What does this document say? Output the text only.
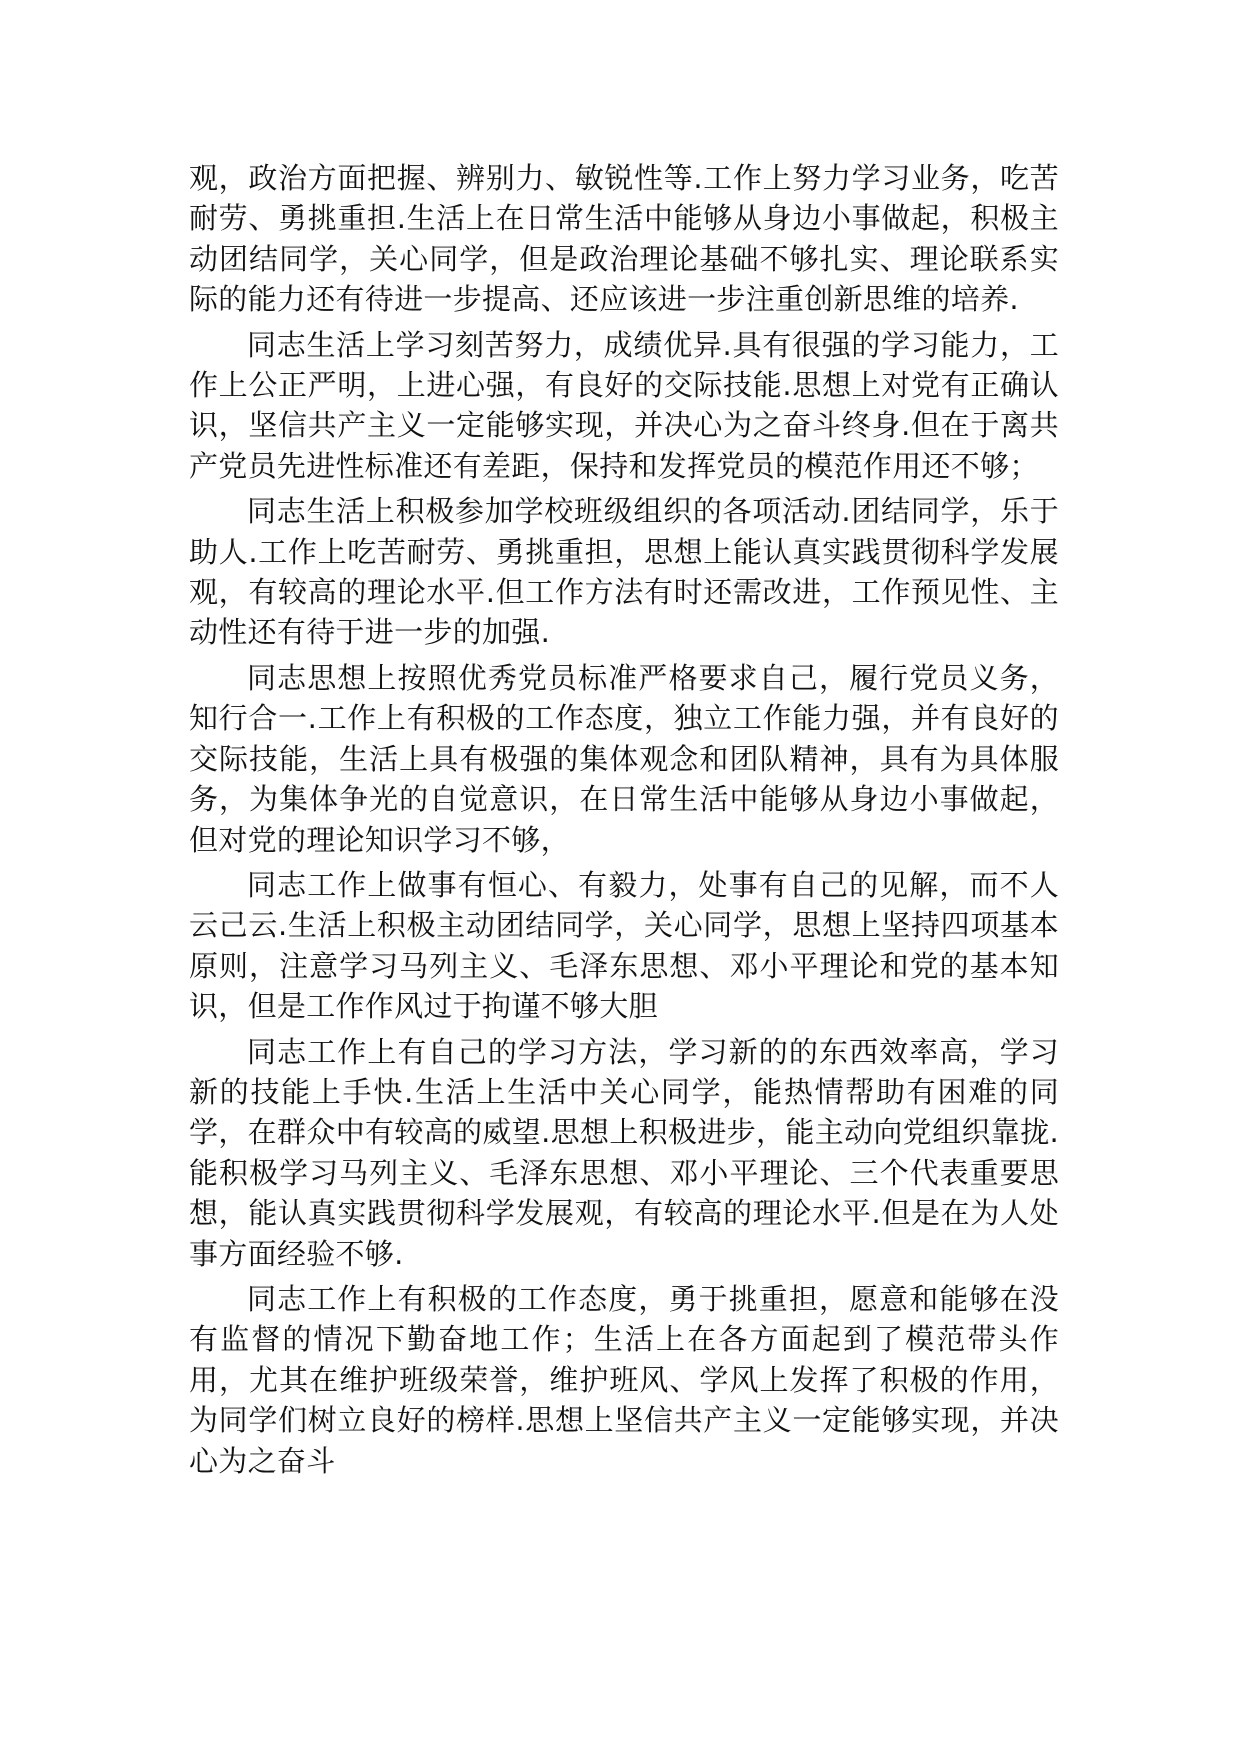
观，政治方面把握、辨别力、敏锐性等.工作上努力学习业务，吃苦耐劳、勇挑重担.生活上在日常生活中能够从身边小事做起，积极主动团结同学，关心同学，但是政治理论基础不够扎实、理论联系实际的能力还有待进一步提高、还应该进一步注重创新思维的培养.

同志生活上学习刻苦努力，成绩优异.具有很强的学习能力，工作上公正严明，上进心强，有良好的交际技能.思想上对党有正确认识，坚信共产主义一定能够实现，并决心为之奋斗终身.但在于离共产党员先进性标准还有差距，保持和发挥党员的模范作用还不够；

同志生活上积极参加学校班级组织的各项活动.团结同学，乐于助人.工作上吃苦耐劳、勇挑重担，思想上能认真实践贯彻科学发展观，有较高的理论水平.但工作方法有时还需改进，工作预见性、主动性还有待于进一步的加强.

同志思想上按照优秀党员标准严格要求自己，履行党员义务，知行合一.工作上有积极的工作态度，独立工作能力强，并有良好的交际技能，生活上具有极强的集体观念和团队精神，具有为具体服务，为集体争光的自觉意识，在日常生活中能够从身边小事做起，但对党的理论知识学习不够，

同志工作上做事有恒心、有毅力，处事有自己的见解，而不人云己云.生活上积极主动团结同学，关心同学，思想上坚持四项基本原则，注意学习马列主义、毛泽东思想、邓小平理论和党的基本知识，但是工作作风过于拘谨不够大胆

同志工作上有自己的学习方法，学习新的的东西效率高，学习新的技能上手快.生活上生活中关心同学，能热情帮助有困难的同学，在群众中有较高的威望.思想上积极进步，能主动向党组织靠拢.能积极学习马列主义、毛泽东思想、邓小平理论、三个代表重要思想，能认真实践贯彻科学发展观，有较高的理论水平.但是在为人处事方面经验不够.

同志工作上有积极的工作态度，勇于挑重担，愿意和能够在没有监督的情况下勤奋地工作；生活上在各方面起到了模范带头作用，尤其在维护班级荣誉，维护班风、学风上发挥了积极的作用，为同学们树立良好的榜样.思想上坚信共产主义一定能够实现，并决心为之奋斗
